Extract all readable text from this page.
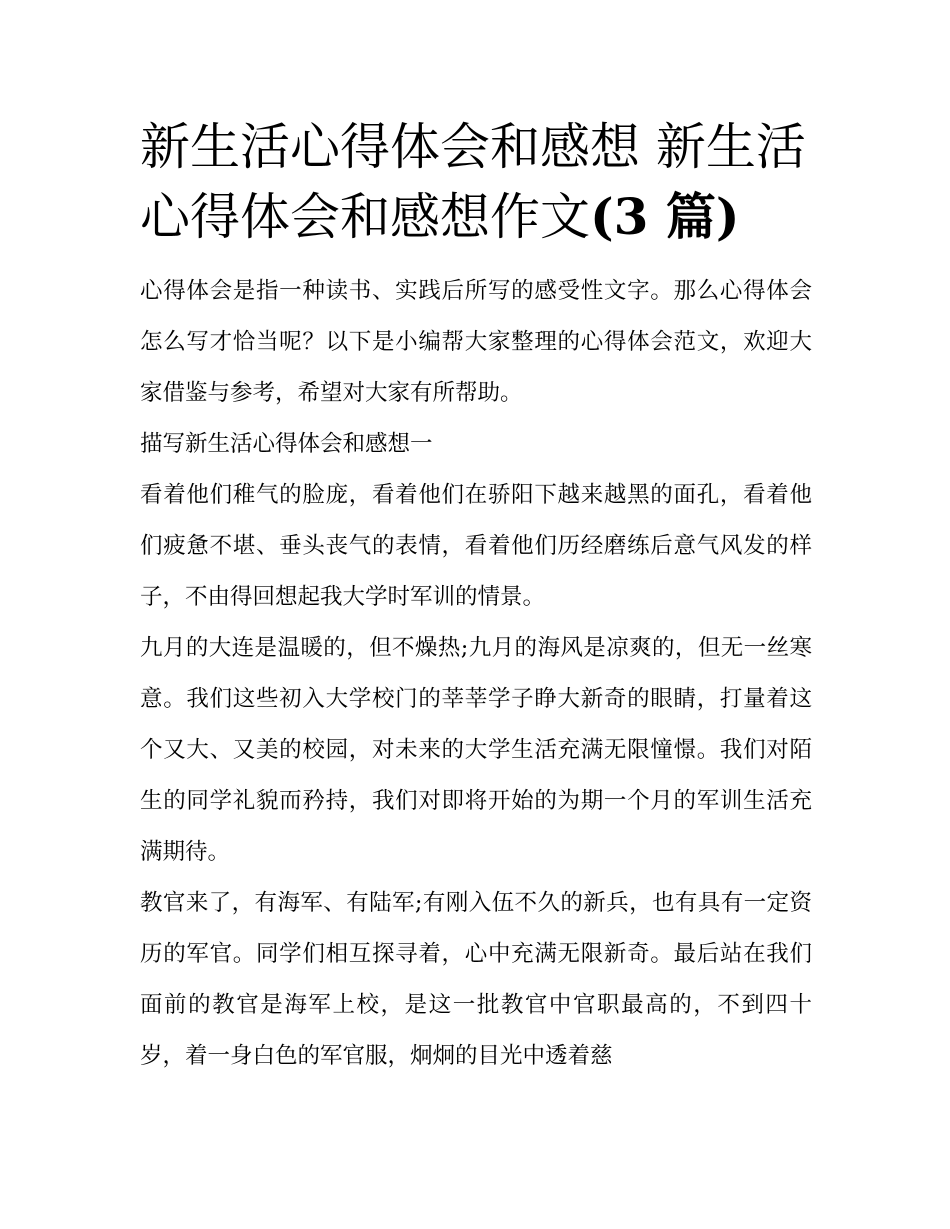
新生活心得体会和感想 新生活心得体会和感想作文(3 篇)

心得体会是指一种读书、实践后所写的感受性文字。那么心得体会怎么写才恰当呢？以下是小编帮大家整理的心得体会范文，欢迎大家借鉴与参考，希望对大家有所帮助。

描写新生活心得体会和感想一

看着他们稚气的脸庞，看着他们在骄阳下越来越黑的面孔，看着他们疲惫不堪、垂头丧气的表情，看着他们历经磨练后意气风发的样子，不由得回想起我大学时军训的情景。

九月的大连是温暖的，但不燥热;九月的海风是凉爽的，但无一丝寒意。我们这些初入大学校门的莘莘学子睁大新奇的眼睛，打量着这个又大、又美的校园，对未来的大学生活充满无限憧憬。我们对陌生的同学礼貌而矜持，我们对即将开始的为期一个月的军训生活充满期待。

教官来了，有海军、有陆军;有刚入伍不久的新兵，也有具有一定资历的军官。同学们相互探寻着，心中充满无限新奇。最后站在我们面前的教官是海军上校，是这一批教官中官职最高的，不到四十岁，着一身白色的军官服，炯炯的目光中透着慈
